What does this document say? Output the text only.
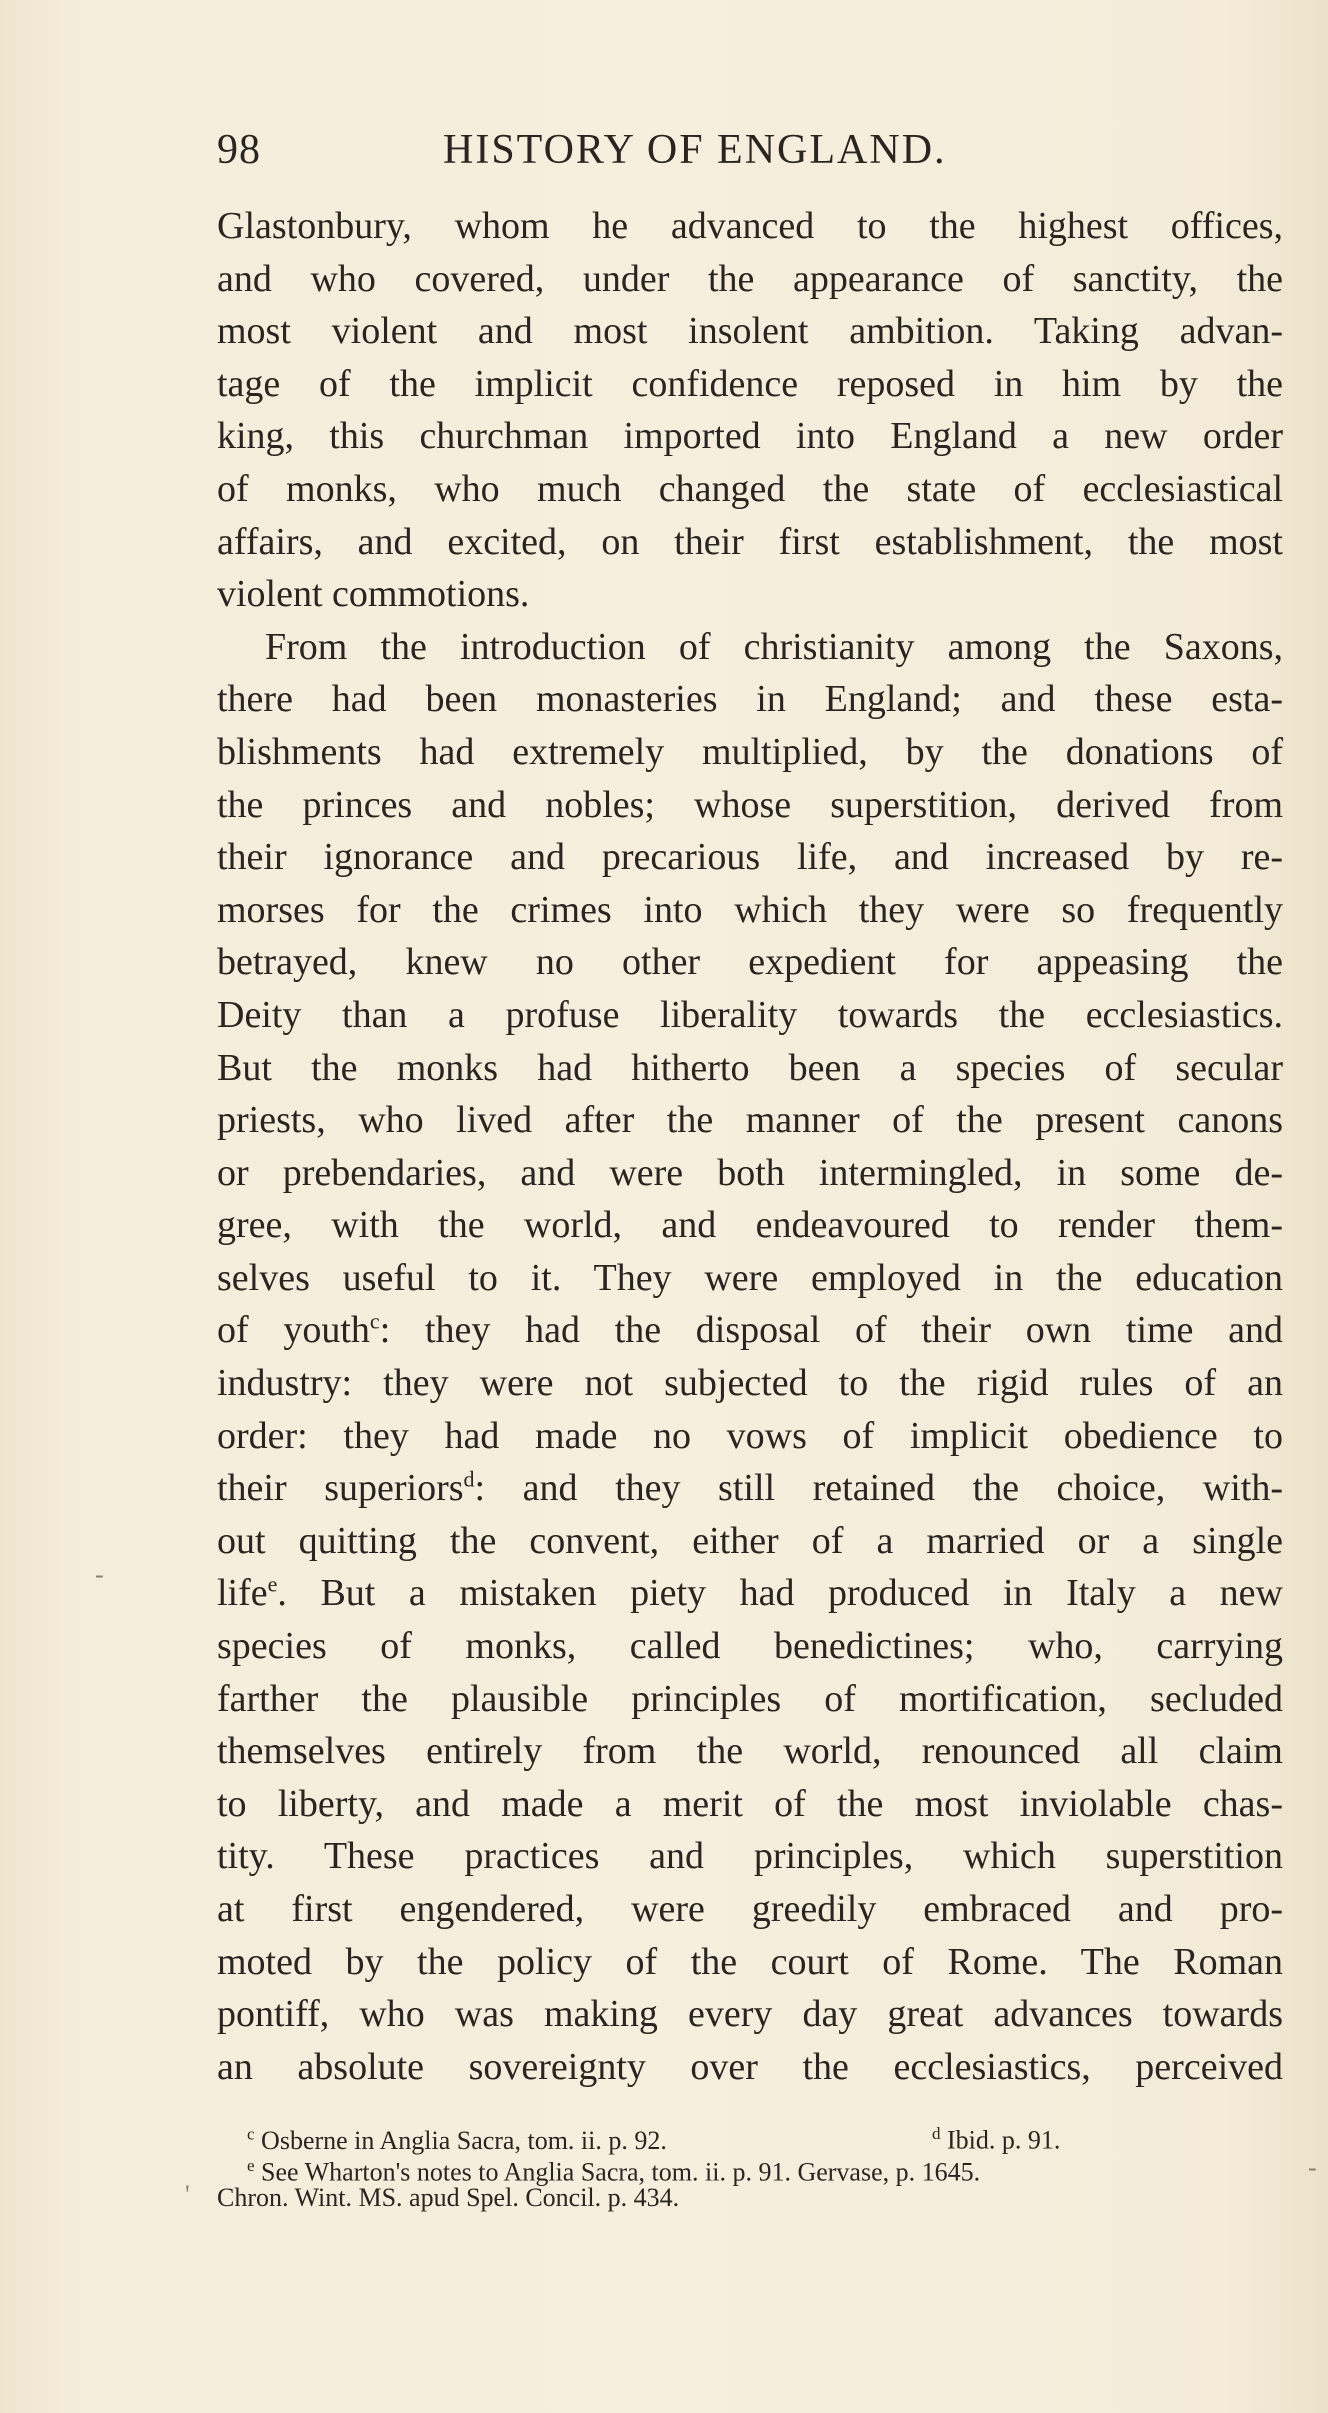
98	HISTORY OF ENGLAND.
Glastonbury, whom he advanced to the highest offices,
and who covered, under the appearance of sanctity, the
most violent and most insolent ambition. Taking advan-
tage of the implicit confidence reposed in him by the
king, this churchman imported into England a new order
of monks, who much changed the state of ecclesiastical
affairs, and excited, on their first establishment, the most
violent commotions.
From the introduction of christianity among the Saxons,
there had been monasteries in England; and these esta-
blishments had extremely multiplied, by the donations of
the princes and nobles; whose superstition, derived from
their ignorance and precarious life, and increased by re-
morses for the crimes into which they were so frequently
betrayed, knew no other expedient for appeasing the
Deity than a profuse liberality towards the ecclesiastics.
But the monks had hitherto been a species of secular
priests, who lived after the manner of the present canons
or prebendaries, and were both intermingled, in some de-
gree, with the world, and endeavoured to render them-
selves useful to it. They were employed in the education
of youth$^c$: they had the disposal of their own time and
industry: they were not subjected to the rigid rules of an
order: they had made no vows of implicit obedience to
their superiors$^d$: and they still retained the choice, with-
out quitting the convent, either of a married or a single
life$^e$. But a mistaken piety had produced in Italy a new
species of monks, called benedictines; who, carrying
farther the plausible principles of mortification, secluded
themselves entirely from the world, renounced all claim
to liberty, and made a merit of the most inviolable chas-
tity. These practices and principles, which superstition
at first engendered, were greedily embraced and pro-
moted by the policy of the court of Rome. The Roman
pontiff, who was making every day great advances towards
an absolute sovereignty over the ecclesiastics, perceived
$^c$ Osberne in Anglia Sacra, tom. ii. p. 92.	$^d$ Ibid. p. 91.
$^e$ See Wharton's notes to Anglia Sacra, tom. ii. p. 91. Gervase, p. 1645.
Chron. Wint. MS. apud Spel. Concil. p. 434.
-
-
'
